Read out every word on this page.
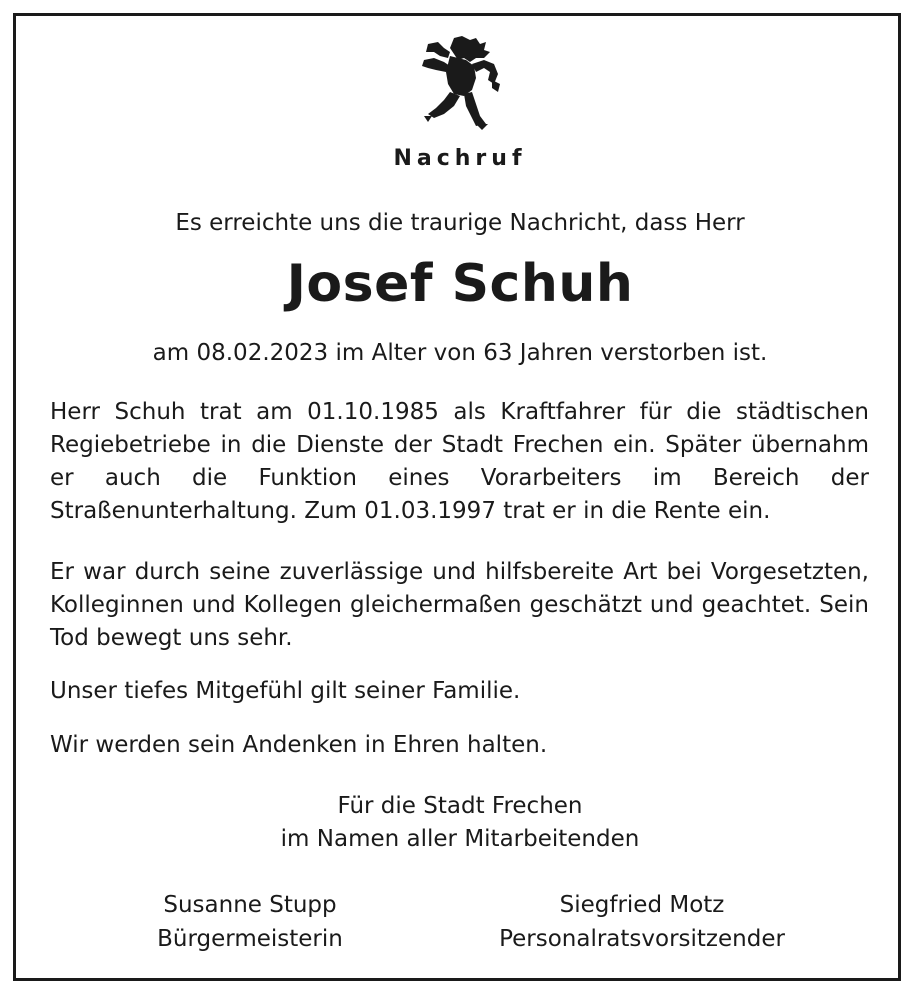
Nachruf
Es erreichte uns die traurige Nachricht, dass Herr
Josef Schuh
am 08.02.2023 im Alter von 63 Jahren verstorben ist.
Herr Schuh trat am 01.10.1985 als Kraftfahrer für die städtischen Regiebetriebe in die Dienste der Stadt Frechen ein. Später übernahm er auch die Funktion eines Vorarbeiters im Bereich der Straßenunterhaltung. Zum 01.03.1997 trat er in die Rente ein.
Er war durch seine zuverlässige und hilfsbereite Art bei Vorgesetzten, Kolleginnen und Kollegen gleichermaßen geschätzt und geachtet. Sein Tod bewegt uns sehr.
Unser tiefes Mitgefühl gilt seiner Familie.
Wir werden sein Andenken in Ehren halten.
Für die Stadt Frechen
im Namen aller Mitarbeitenden
Susanne Stupp
Bürgermeisterin
Siegfried Motz
Personalratsvorsitzender
